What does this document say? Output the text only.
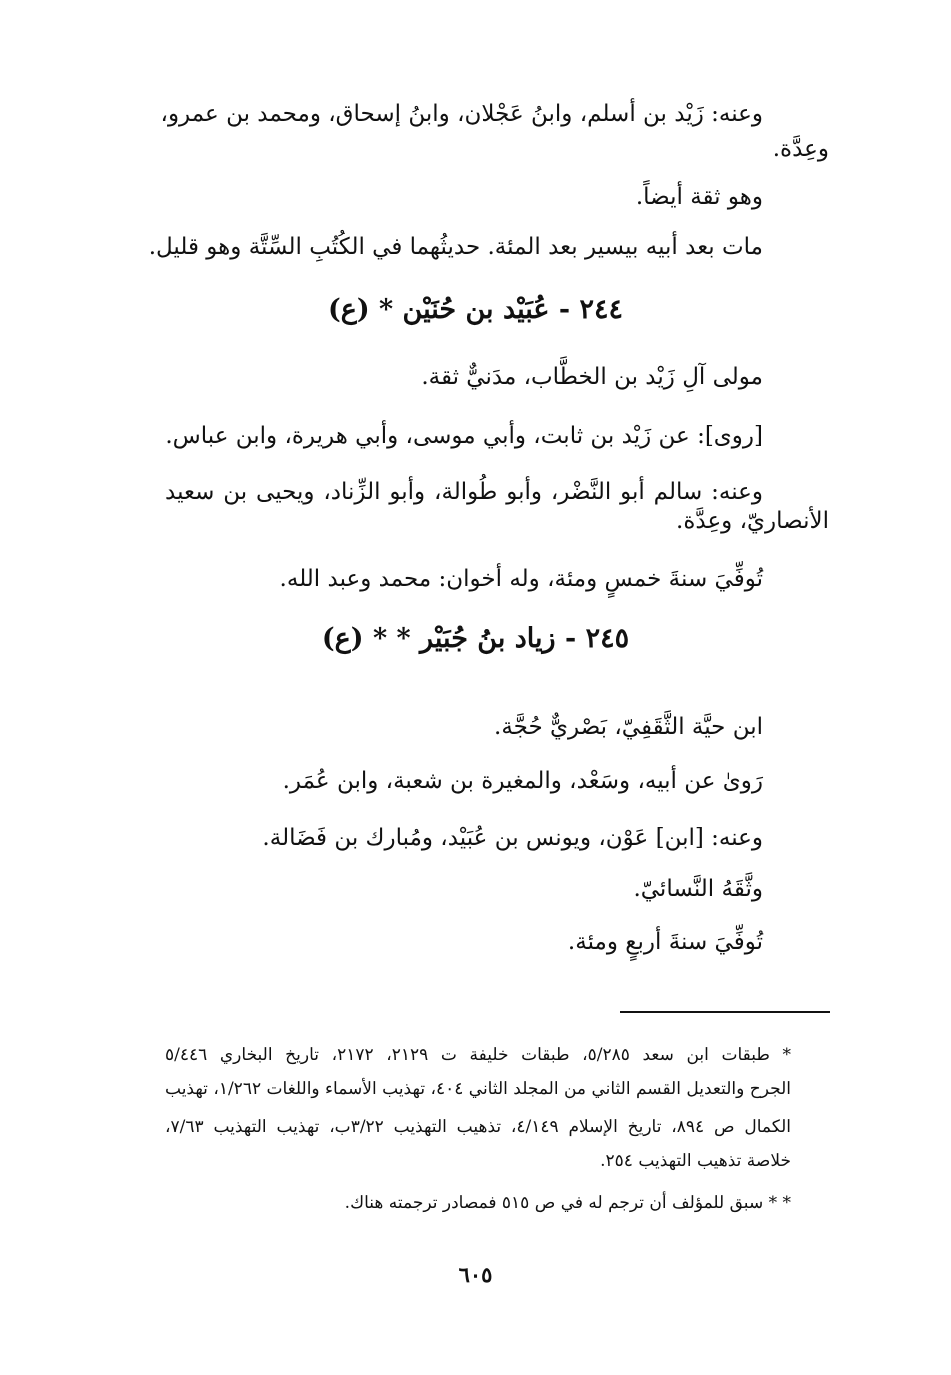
وعنه: زَيْد بن أسلم، وابنُ عَجْلان، وابنُ إسحاق، ومحمد بن عمرو،
وعِدَّة.
وهو ثقة أيضاً.
مات بعد أبيه بيسير بعد المئة. حديثُهما في الكُتُبِ السِّتَّة وهو قليل.
٢٤٤ - عُبَيْد بن حُنَيْن * (ع)
مولى آلِ زَيْد بن الخطَّاب، مدَنيٌّ ثقة.
[روى]: عن زَيْد بن ثابت، وأبي موسى، وأبي هريرة، وابن عباس.
وعنه: سالم أبو النَّضْر، وأبو طُوالة، وأبو الزِّناد، ويحيى بن سعيد
الأنصاريّ، وعِدَّة.
تُوفِّيَ سنةَ خمسٍ ومئة، وله أخوان: محمد وعبد الله.
٢٤٥ - زياد بنُ جُبَيْر * * (ع)
ابن حيَّة الثَّقَفِيّ، بَصْريٌّ حُجَّة.
رَوىٰ عن أبيه، وسَعْد، والمغيرة بن شعبة، وابن عُمَر.
وعنه: [ابن] عَوْن، ويونس بن عُبَيْد، ومُبارك بن فَضَالة.
وثَّقَهُ النَّسائيّ.
تُوفِّيَ سنةَ أربعٍ ومئة.
* طبقات ابن سعد ٥/٢٨٥، طبقات خليفة ت ٢١٢٩، ٢١٧٢، تاريخ البخاري ٥/٤٤٦
الجرح والتعديل القسم الثاني من المجلد الثاني ٤٠٤، تهذيب الأسماء واللغات ١/٢٦٢، تهذيب
الكمال ص ٨٩٤، تاريخ الإسلام ٤/١٤٩، تذهيب التهذيب ٣/٢٢ب، تهذيب التهذيب ٧/٦٣،
خلاصة تذهيب التهذيب ٢٥٤.
* * سبق للمؤلف أن ترجم له في ص ٥١٥ فمصادر ترجمته هناك.
٦٠٥
